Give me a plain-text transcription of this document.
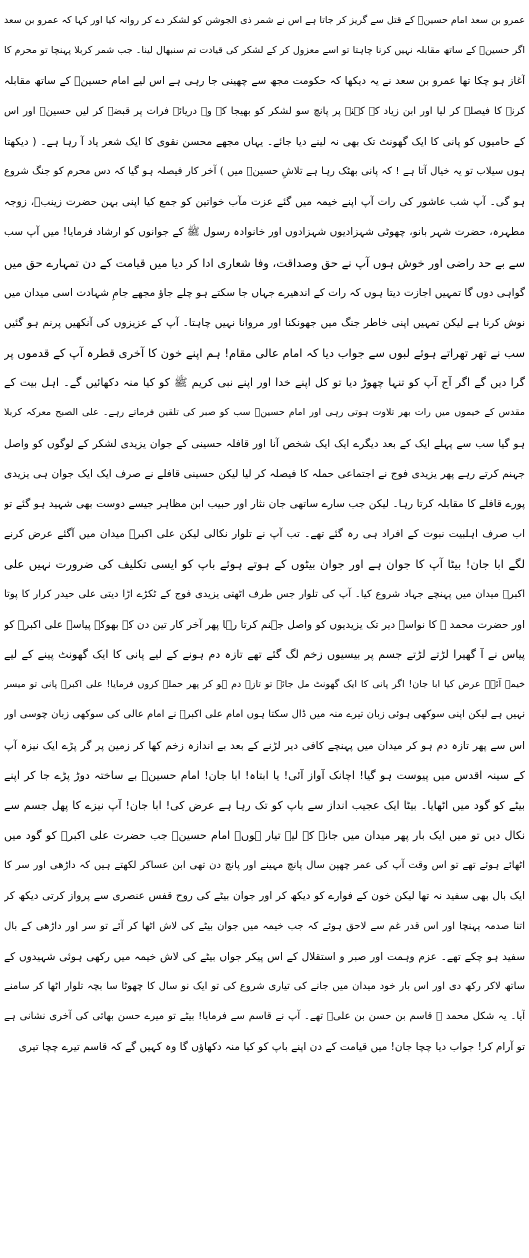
عمرو بن سعد امام حسینؑ کے قتل سے گریز کر جاتا ہے اس نے شمر ذی الجوشن کو لشکر دے کر روانہ کیا اور کہا کہ عمرو بن سعد
اگر حسینؑ کے ساتھ مقابلہ نہیں کرنا چاہتا تو اسے معزول کر کے لشکر کی قیادت تم سنبھال لینا۔ جب شمر کربلا پہنچا تو محرم کا
آغاز ہو چکا تھا عمرو بن سعد نے یہ دیکھا کہ حکومت مجھ سے چھینی جا رہی ہے اس لیے امام حسینؑ کے ساتھ مقابلہ
کرنے کا فیصلہ کر لیا اور ابن زیاد کے کہنے پر پانچ سو لشکر کو بھیجا کہ وہ دریائے فرات پر قبضہ کر لیں حسینؑ اور اس
کے حامیوں کو پانی کا ایک گھونٹ تک بھی نہ لینے دیا جائے۔ یہاں مجھے محسن نقوی کا ایک شعر یاد آ رہا ہے۔ ( دیکھتا
ہوں سیلاب تو یہ خیال آتا ہے ! کہ پانی بھٹک رہا ہے تلاشِ حسینؑ میں ) آخر کار فیصلہ ہو گیا کہ دس محرم کو جنگ شروع
ہو گی۔ آپ شب عاشور کی رات آپ اپنے خیمہ میں گئے عزت مآب خواتین کو جمع کیا اپنی بہن حضرت زینبؑ، زوجہ
مطہرہ، حضرت شہر بانو، چھوٹی شہزادیوں شہزادوں اور خانوادہ رسول ﷺ کے جوانوں کو ارشاد فرمایا! میں آپ سب
سے بے حد راضی اور خوش ہوں آپ نے حق وصداقت، وفا شعاری ادا کر دیا میں قیامت کے دن تمہارے حق میں
گواہی دوں گا تمہیں اجازت دیتا ہوں کہ رات کے اندھیرے جہاں جا سکتے ہو چلے جاؤ مجھے جامِ شہادت اسی میدان میں
نوش کرنا ہے لیکن تمہیں اپنی خاطر جنگ میں جھونکنا اور مروانا نہیں چاہتا۔ آپ کے عزیزوں کی آنکھیں پرنم ہو گئیں
سب نے تھر تھراتے ہوئے لبوں سے جواب دیا کہ امام عالی مقام! ہم اپنے خون کا آخری قطرہ آپ کے قدموں پر
گرا دیں گے اگر آج آپ کو تنہا چھوڑ دیا تو کل اپنے خدا اور اپنے نبی کریم ﷺ کو کیا منہ دکھائیں گے۔ اہل بیت کے
مقدس کے خیموں میں رات بھر تلاوت ہوتی رہی اور امام حسینؑ سب کو صبر کی تلقین فرماتے رہے۔ علی الصبح معرکہ کربلا
ہو گیا سب سے پہلے ایک کے بعد دیگرے ایک ایک شخص آنا اور قافلہ حسینی کے جوان یزیدی لشکر کے لوگوں کو واصل
جہنم کرتے رہے پھر یزیدی فوج نے اجتماعی حملہ کا فیصلہ کر لیا لیکن حسینی قافلے نے صرف ایک ایک جوان ہی یزیدی
پورے قافلے کا مقابلہ کرتا رہا۔ لیکن جب سارے ساتھی جان نثار اور حبیب ابن مظاہر جیسے دوست بھی شہید ہو گئے تو
اب صرف اہلبیت نبوت کے افراد ہی رہ گئے تھے۔ تب آپ نے تلوار نکالی لیکن علی اکبرؑ میدان میں آگئے عرض کرنے
لگے ابا جان! بیٹا آپ کا جوان ہے اور جوان بیٹوں کے ہوتے ہوئے باپ کو ایسی تکلیف کی ضرورت نہیں علی
اکبرؑ میدان میں پہنچے جہاد شروع کیا۔ آپ کی تلوار جس طرف اٹھتی یزیدی فوج کے ٹکڑے اڑا دیتی علی حیدر کرار کا پوتا
اور حضرت محمد ﷺ کا نواسہ دیر تک یزیدیوں کو واصل جہنم کرتا رہا پھر آخر کار تین دن کے بھوکے پیاسے علی اکبرؑ کو
پیاس نے آ گھیرا لڑتے لڑتے جسم پر بیسیوں زخم لگ گئے تھے تازہ دم ہونے کے لیے پانی کا ایک گھونٹ پینے کے لیے
خیمے آئے۔ عرض کیا ابا جان! اگر پانی کا ایک گھونٹ مل جائے تو تازہ دم ہو کر پھر حملہ کروں فرمایا! علی اکبرؑ پانی تو میسر
نہیں ہے لیکن اپنی سوکھی ہوئی زبان تیرے منہ میں ڈال سکتا ہوں امام علی اکبرؑ نے امام عالی کی سوکھی زبان چوسی اور
اس سے پھر تازہ دم ہو کر میدان میں پہنچے کافی دیر لڑنے کے بعد بے اندازہ زخم کھا کر زمین پر گر پڑے ایک نیزہ آپ
کے سینہ اقدس میں پیوست ہو گیا! اچانک آواز آئی! یا ابتاہ! ابا جان! امام حسینؑ بے ساختہ دوڑ پڑے جا کر اپنے
بیٹے کو گود میں اٹھایا۔ بیٹا ایک عجیب انداز سے باپ کو تک رہا ہے عرض کی! ابا جان! آپ نیزے کا پھل جسم سے
نکال دیں تو میں ایک بار پھر میدان میں جانے کے لیے تیار ہوں۔ امام حسینؑ جب حضرت علی اکبرؑ کو گود میں
اٹھائے ہوئے تھے تو اس وقت آپ کی عمر چھپن سال پانچ مہینے اور پانچ دن تھی ابن عساکر لکھتے ہیں کہ داڑھی اور سر کا
ایک بال بھی سفید نہ تھا لیکن خون کے فوارے کو دیکھ کر اور جوان بیٹے کی روح قفس عنصری سے پرواز کرتی دیکھ کر
اتنا صدمہ پہنچا اور اس قدر غم سے لاحق ہوئے کہ جب خیمہ میں جوان بیٹے کی لاش اٹھا کر آئے تو سر اور داڑھی کے بال
سفید ہو چکے تھے۔ عزم وہمت اور صبر و استقلال کے اس پیکر جواں بیٹے کی لاش خیمہ میں رکھی ہوئی شہیدوں کے
ساتھ لاکر رکھ دی اور اس بار خود میدان میں جانے کی تیاری شروع کی تو ایک نو سال کا چھوٹا سا بچہ تلوار اٹھا کر سامنے
آیا۔ یہ شکل محمد ﷺ قاسم بن حسن بن علیؑ تھے۔ آپ نے قاسم سے فرمایا! بیٹے تو میرے حسن بھائی کی آخری نشانی ہے
تو آرام کر! جواب دیا چچا جان! میں قیامت کے دن اپنے باپ کو کیا منہ دکھاؤں گا وہ کہیں گے کہ قاسم تیرے چچا تیری
